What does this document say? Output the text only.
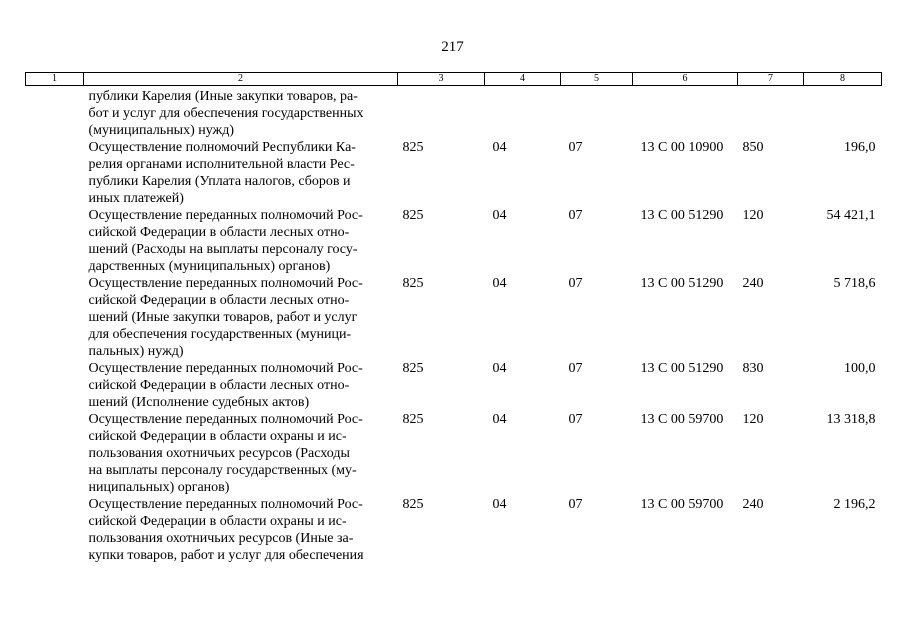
217
1	2	3	4	5	6	7	8
	публики Карелия (Иные закупки товаров, ра-
бот и услуг для обеспечения государственных
(муниципальных) нужд)						
	Осуществление полномочий Республики Ка-
релия органами исполнительной власти Рес-
публики Карелия (Уплата налогов, сборов и
иных платежей)	825	04	07	13 С 00 10900	850	196,0
	Осуществление переданных полномочий Рос-
сийской Федерации в области лесных отно-
шений (Расходы на выплаты персоналу госу-
дарственных (муниципальных) органов)	825	04	07	13 С 00 51290	120	54 421,1
	Осуществление переданных полномочий Рос-
сийской Федерации в области лесных отно-
шений (Иные закупки товаров, работ и услуг
для обеспечения государственных (муници-
пальных) нужд)	825	04	07	13 С 00 51290	240	5 718,6
	Осуществление переданных полномочий Рос-
сийской Федерации в области лесных отно-
шений (Исполнение судебных актов)	825	04	07	13 С 00 51290	830	100,0
	Осуществление переданных полномочий Рос-
сийской Федерации в области охраны и ис-
пользования охотничьих ресурсов (Расходы
на выплаты персоналу государственных (му-
ниципальных) органов)	825	04	07	13 С 00 59700	120	13 318,8
	Осуществление переданных полномочий Рос-
сийской Федерации в области охраны и ис-
пользования охотничьих ресурсов (Иные за-
купки товаров, работ и услуг для обеспечения	825	04	07	13 С 00 59700	240	2 196,2
